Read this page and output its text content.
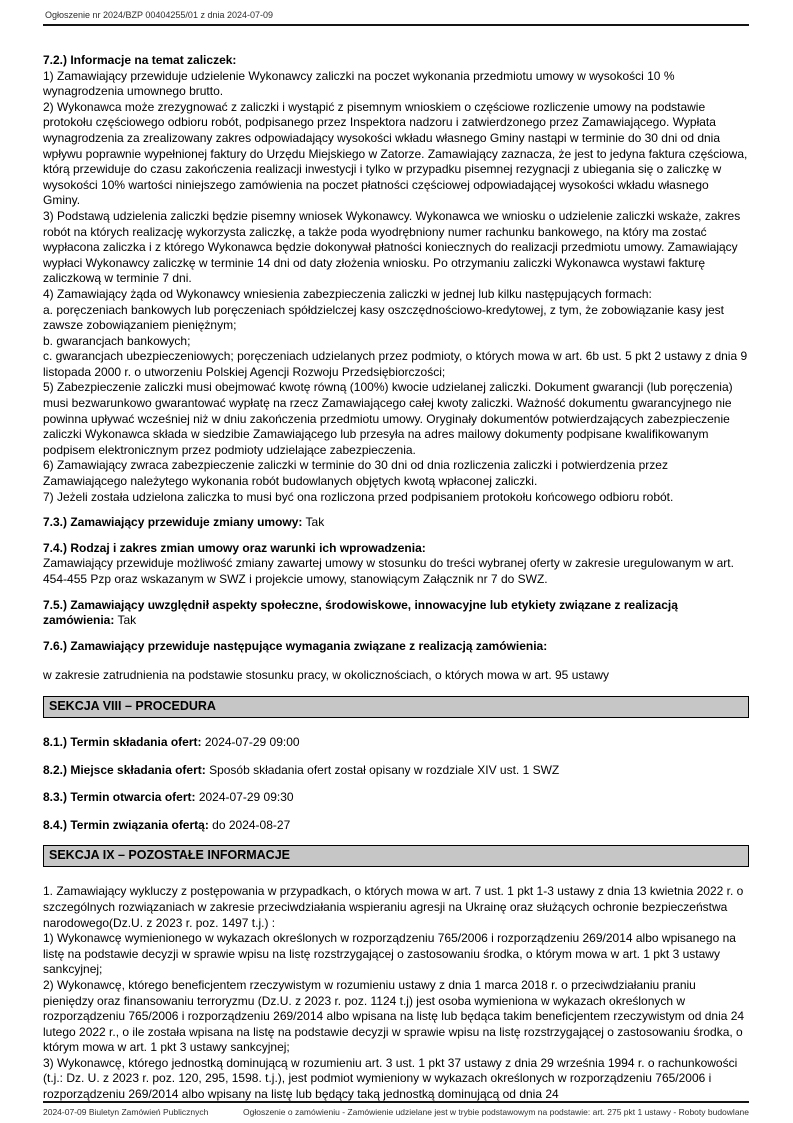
Ogłoszenie nr 2024/BZP 00404255/01 z dnia 2024-07-09

7.2.) Informacje na temat zaliczek:

1) Zamawiający przewiduje udzielenie Wykonawcy zaliczki na poczet wykonania przedmiotu umowy w wysokości 10 % wynagrodzenia umownego brutto.

2) Wykonawca może zrezygnować z zaliczki i wystąpić z pisemnym wnioskiem o częściowe rozliczenie umowy na podstawie protokołu częściowego odbioru robót, podpisanego przez Inspektora nadzoru i zatwierdzonego przez Zamawiającego. Wypłata wynagrodzenia za zrealizowany zakres odpowiadający wysokości wkładu własnego Gminy nastąpi w terminie do 30 dni od dnia wpływu poprawnie wypełnionej faktury do Urzędu Miejskiego w Zatorze. Zamawiający zaznacza, że jest to jedyna faktura częściowa, którą przewiduje do czasu zakończenia realizacji inwestycji i tylko w przypadku pisemnej rezygnacji z ubiegania się o zaliczkę w wysokości 10% wartości niniejszego zamówienia na poczet płatności częściowej odpowiadającej wysokości wkładu własnego Gminy.

3) Podstawą udzielenia zaliczki będzie pisemny wniosek Wykonawcy. Wykonawca we wniosku o udzielenie zaliczki wskaże, zakres robót na których realizację wykorzysta zaliczkę, a także poda wyodrębniony numer rachunku bankowego, na który ma zostać wypłacona zaliczka i z którego Wykonawca będzie dokonywał płatności koniecznych do realizacji przedmiotu umowy. Zamawiający wypłaci Wykonawcy zaliczkę w terminie 14 dni od daty złożenia wniosku. Po otrzymaniu zaliczki Wykonawca wystawi fakturę zaliczkową w terminie 7 dni.

4) Zamawiający żąda od Wykonawcy wniesienia zabezpieczenia zaliczki w jednej lub kilku następujących formach:

a. poręczeniach bankowych lub poręczeniach spółdzielczej kasy oszczędnościowo-kredytowej, z tym, że zobowiązanie kasy jest zawsze zobowiązaniem pieniężnym;

b. gwarancjach bankowych;

c. gwarancjach ubezpieczeniowych; poręczeniach udzielanych przez podmioty, o których mowa w art. 6b ust. 5 pkt 2 ustawy z dnia 9 listopada 2000 r. o utworzeniu Polskiej Agencji Rozwoju Przedsiębiorczości;

5) Zabezpieczenie zaliczki musi obejmować kwotę równą (100%) kwocie udzielanej zaliczki. Dokument gwarancji (lub poręczenia) musi bezwarunkowo gwarantować wypłatę na rzecz Zamawiającego całej kwoty zaliczki. Ważność dokumentu gwarancyjnego nie powinna upływać wcześniej niż w dniu zakończenia przedmiotu umowy. Oryginały dokumentów potwierdzających zabezpieczenie zaliczki Wykonawca składa w siedzibie Zamawiającego lub przesyła na adres mailowy dokumenty podpisane kwalifikowanym podpisem elektronicznym przez podmioty udzielające zabezpieczenia.

6) Zamawiający zwraca zabezpieczenie zaliczki w terminie do 30 dni od dnia rozliczenia zaliczki i potwierdzenia przez Zamawiającego należytego wykonania robót budowlanych objętych kwotą wpłaconej zaliczki.

7) Jeżeli została udzielona zaliczka to musi być ona rozliczona przed podpisaniem protokołu końcowego odbioru robót.

7.3.) Zamawiający przewiduje zmiany umowy: Tak

7.4.) Rodzaj i zakres zmian umowy oraz warunki ich wprowadzenia:

Zamawiający przewiduje możliwość zmiany zawartej umowy w stosunku do treści wybranej oferty w zakresie uregulowanym w art. 454-455 Pzp oraz wskazanym w SWZ i projekcie umowy, stanowiącym Załącznik nr 7 do SWZ.

7.5.) Zamawiający uwzględnił aspekty społeczne, środowiskowe, innowacyjne lub etykiety związane z realizacją zamówienia: Tak

7.6.) Zamawiający przewiduje następujące wymagania związane z realizacją zamówienia:

w zakresie zatrudnienia na podstawie stosunku pracy, w okolicznościach, o których mowa w art. 95 ustawy

SEKCJA VIII – PROCEDURA

8.1.) Termin składania ofert: 2024-07-29 09:00

8.2.) Miejsce składania ofert: Sposób składania ofert został opisany w rozdziale XIV ust. 1 SWZ

8.3.) Termin otwarcia ofert: 2024-07-29 09:30

8.4.) Termin związania ofertą: do 2024-08-27

SEKCJA IX – POZOSTAŁE INFORMACJE

1. Zamawiający wykluczy z postępowania w przypadkach, o których mowa w art. 7 ust. 1 pkt 1-3 ustawy z dnia 13 kwietnia 2022 r. o szczególnych rozwiązaniach w zakresie przeciwdziałania wspieraniu agresji na Ukrainę oraz służących ochronie bezpieczeństwa narodowego(Dz.U. z 2023 r. poz. 1497 t.j.) :

1) Wykonawcę wymienionego w wykazach określonych w rozporządzeniu 765/2006 i rozporządzeniu 269/2014 albo wpisanego na listę na podstawie decyzji w sprawie wpisu na listę rozstrzygającej o zastosowaniu środka, o którym mowa w art. 1 pkt 3 ustawy sankcyjnej;

2) Wykonawcę, którego beneficjentem rzeczywistym w rozumieniu ustawy z dnia 1 marca 2018 r. o przeciwdziałaniu praniu pieniędzy oraz finansowaniu terroryzmu (Dz.U. z 2023 r. poz. 1124 t.j) jest osoba wymieniona w wykazach określonych w rozporządzeniu 765/2006 i rozporządzeniu 269/2014 albo wpisana na listę lub będąca takim beneficjentem rzeczywistym od dnia 24 lutego 2022 r., o ile została wpisana na listę na podstawie decyzji w sprawie wpisu na listę rozstrzygającej o zastosowaniu środka, o którym mowa w art. 1 pkt 3 ustawy sankcyjnej;

3) Wykonawcę, którego jednostką dominującą w rozumieniu art. 3 ust. 1 pkt 37 ustawy z dnia 29 września 1994 r. o rachunkowości (t.j.: Dz. U. z 2023 r. poz. 120, 295, 1598. t.j.), jest podmiot wymieniony w wykazach określonych w rozporządzeniu 765/2006 i rozporządzeniu 269/2014 albo wpisany na listę lub będący taką jednostką dominującą od dnia 24

2024-07-09 Biuletyn Zamówień Publicznych	Ogłoszenie o zamówieniu - Zamówienie udzielane jest w trybie podstawowym na podstawie: art. 275 pkt 1 ustawy - Roboty budowlane
